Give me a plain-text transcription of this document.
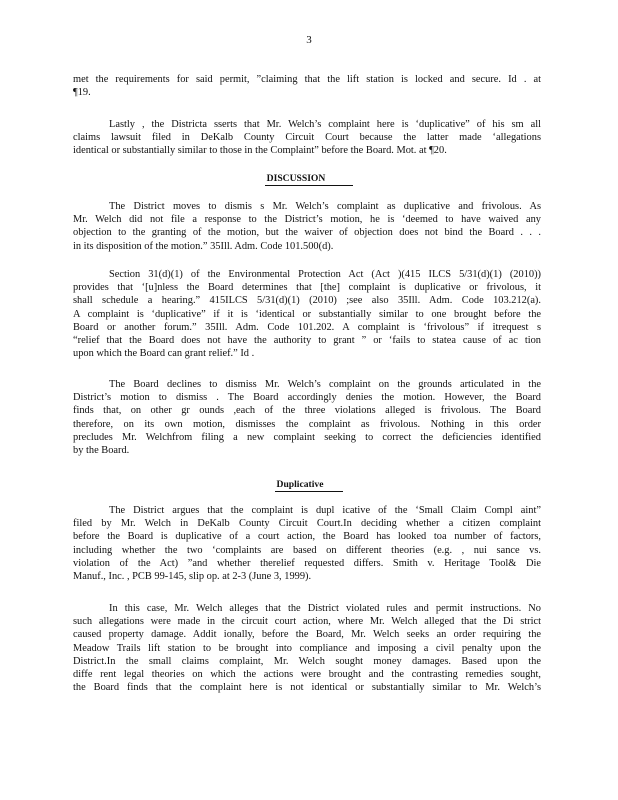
3
met the requirements for said permit, ”claiming that the lift station is locked and secure. Id . at
¶19.
Lastly , the Districta sserts that Mr. Welch’s complaint here is ‘duplicative” of his sm all
claims lawsuit filed in DeKalb County Circuit Court because the latter made ‘allegations
identical or substantially similar to those in the Complaint” before the Board. Mot. at ¶20.
DISCUSSION
The District moves to dismis s Mr. Welch’s complaint as duplicative and frivolous. As
Mr. Welch did not file a response to the District’s motion, he is ‘deemed to have waived any
objection to the granting of the motion, but the waiver of objection does not bind the Board . . .
in its disposition of the motion.” 35Ill. Adm. Code 101.500(d).
Section 31(d)(1) of the Environmental Protection Act (Act )(415 ILCS 5/31(d)(1) (2010))
provides that ‘[u]nless the Board determines that [the] complaint is duplicative or frivolous, it
shall schedule a hearing.” 415ILCS 5/31(d)(1) (2010) ;see also 35Ill. Adm. Code 103.212(a).
A complaint is ‘duplicative” if it is ‘identical or substantially similar to one brought before the
Board or another forum.” 35Ill. Adm. Code 101.202. A complaint is ‘frivolous” if itrequest s
“relief that the Board does not have the authority to grant ” or ‘fails to statea cause of ac tion
upon which the Board can grant relief.” Id .
The Board declines to dismiss Mr. Welch’s complaint on the grounds articulated in the
District’s motion to dismiss . The Board accordingly denies the motion. However, the Board
finds that, on other gr ounds ,each of the three violations alleged is frivolous. The Board
therefore, on its own motion, dismisses the complaint as frivolous. Nothing in this order
precludes Mr. Welchfrom filing a new complaint seeking to correct the deficiencies identified
by the Board.
Duplicative
The District argues that the complaint is dupl icative of the ‘Small Claim Compl aint”
filed by Mr. Welch in DeKalb County Circuit Court.In deciding whether a citizen complaint
before the Board is duplicative of a court action, the Board has looked toa number of factors,
including whether the two ‘complaints are based on different theories (e.g. , nui sance vs.
violation of the Act) ”and whether therelief requested differs. Smith v. Heritage Tool& Die
Manuf., Inc. , PCB 99-145, slip op. at 2-3 (June 3, 1999).
In this case, Mr. Welch alleges that the District violated rules and permit instructions. No
such allegations were made in the circuit court action, where Mr. Welch alleged that the Di strict
caused property damage. Addit ionally, before the Board, Mr. Welch seeks an order requiring the
Meadow Trails lift station to be brought into compliance and imposing a civil penalty upon the
District.In the small claims complaint, Mr. Welch sought money damages. Based upon the
diffe rent legal theories on which the actions were brought and the contrasting remedies sought,
the Board finds that the complaint here is not identical or substantially similar to Mr. Welch’s
